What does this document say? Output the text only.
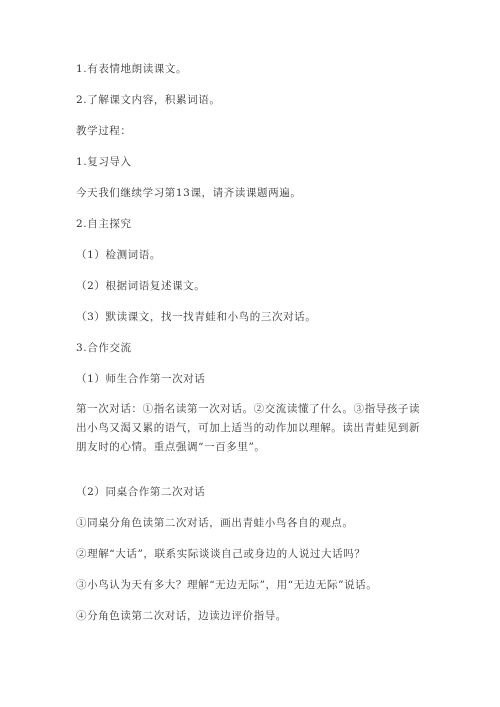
1.有表情地朗读课文。
2.了解课文内容，积累词语。
教学过程：
1.复习导入
今天我们继续学习第13课，请齐读课题两遍。
2.自主探究
（1）检测词语。
（2）根据词语复述课文。
（3）默读课文，找一找青蛙和小鸟的三次对话。
3.合作交流
（1）师生合作第一次对话
第一次对话：①指名读第一次对话。②交流读懂了什么。③指导孩子读出小鸟又渴又累的语气，可加上适当的动作加以理解。读出青蛙见到新朋友时的心情。重点强调“一百多里”。
（2）同桌合作第二次对话
①同桌分角色读第二次对话，画出青蛙小鸟各自的观点。
②理解“大话”，联系实际谈谈自己或身边的人说过大话吗？
③小鸟认为天有多大？理解“无边无际”，用“无边无际”说话。
④分角色读第二次对话，边读边评价指导。
